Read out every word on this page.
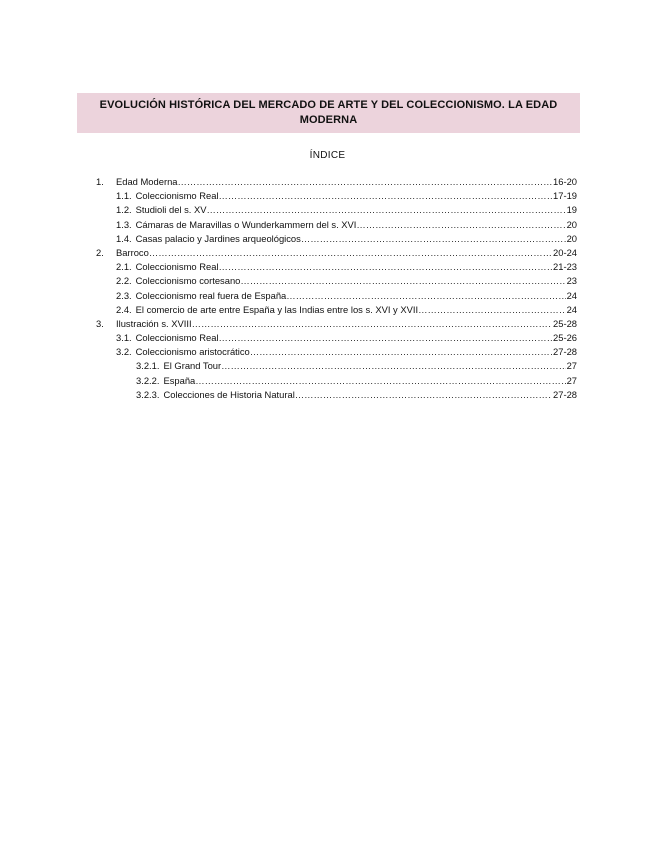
EVOLUCIÓN HISTÓRICA DEL MERCADO DE ARTE Y DEL COLECCIONISMO. LA EDAD MODERNA
ÍNDICE
1.	Edad Moderna ……………………………………………………………………………………………………………………………………………………………………………………	16-20
1.1. Coleccionismo Real ……………………………………………………………………………………………………………………………………………………………………………………	17-19
1.2. Studioli del s. XV ……………………………………………………………………………………………………………………………………………………………………………………	19
1.3. Cámaras de Maravillas o Wunderkammern del s. XVI ……………………………………………………………………………………………………………………………………………………………………………………	20
1.4. Casas palacio y Jardines arqueológicos ……………………………………………………………………………………………………………………………………………………………………………………	20
2.	Barroco ……………………………………………………………………………………………………………………………………………………………………………………	20-24
2.1. Coleccionismo Real ……………………………………………………………………………………………………………………………………………………………………………………	21-23
2.2. Coleccionismo cortesano ……………………………………………………………………………………………………………………………………………………………………………………	23
2.3. Coleccionismo real fuera de España ……………………………………………………………………………………………………………………………………………………………………………………	24
2.4. El comercio de arte entre España y las Indias entre los s. XVI y XVII ……………………………………………………………………………………………………………………………………………………………………………………	24
3.	Ilustración s. XVIII ……………………………………………………………………………………………………………………………………………………………………………………	25-28
3.1. Coleccionismo Real ……………………………………………………………………………………………………………………………………………………………………………………	25-26
3.2. Coleccionismo aristocrático ……………………………………………………………………………………………………………………………………………………………………………………	27-28
3.2.1. El Grand Tour ……………………………………………………………………………………………………………………………………………………………………………………	27
3.2.2. España ……………………………………………………………………………………………………………………………………………………………………………………	27
3.2.3. Colecciones de Historia Natural ……………………………………………………………………………………………………………………………………………………………………………………	27-28
